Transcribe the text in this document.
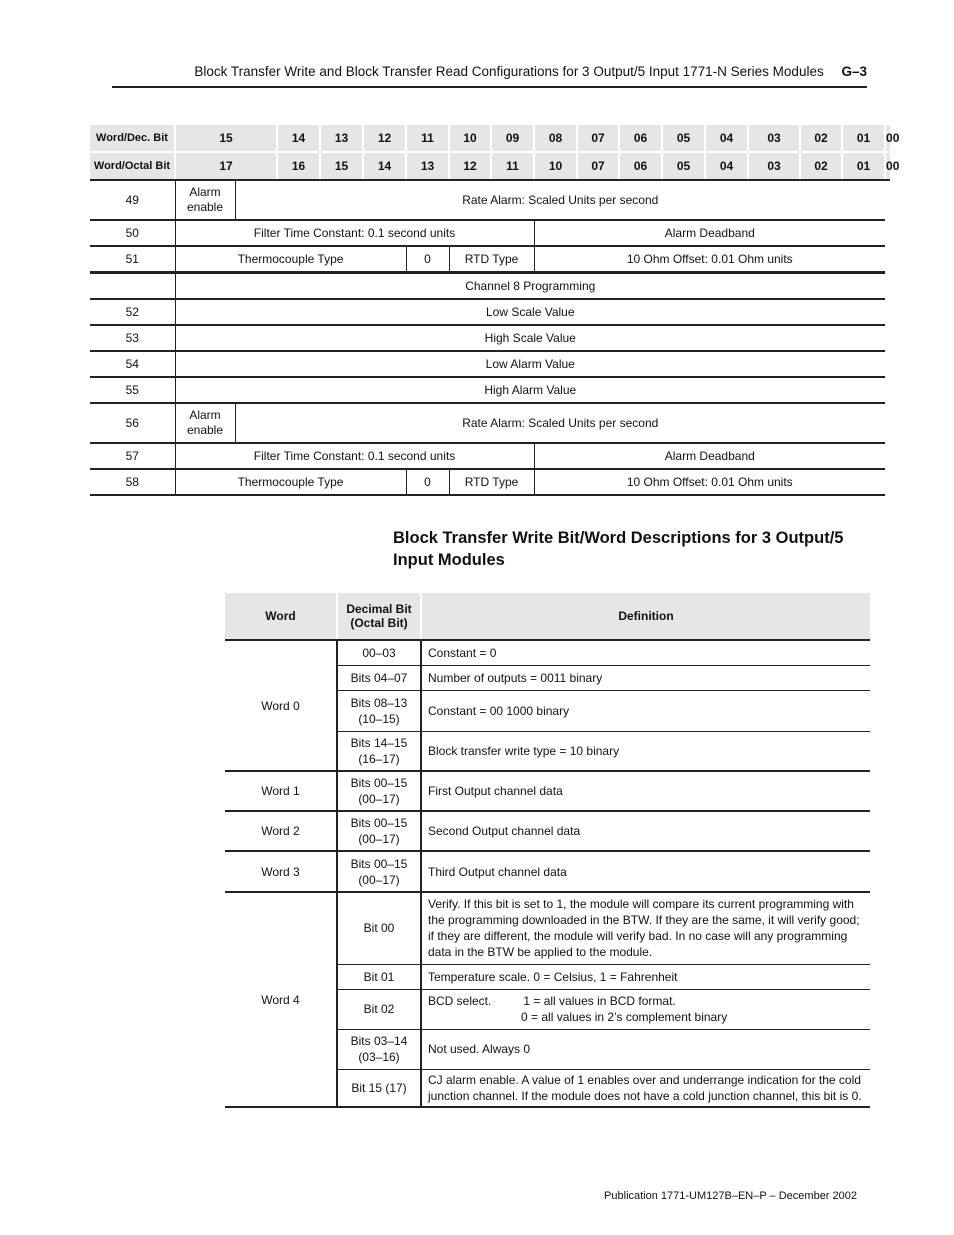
Block Transfer Write and Block Transfer Read Configurations for 3 Output/5 Input 1771-N Series Modules G–3
Word/Dec. Bit	15		14	13	12	11	10	09	08	07	06	05	04	03	02	01	00
Word/Octal Bit	17		16	15	14	13	12	11	10	07	06	05	04	03	02	01	00
49	Alarm enable	Rate Alarm: Scaled Units per second															
50	Filter Time Constant: 0.1 second units								Alarm Deadband								
51	Thermocouple Type					0	RTD Type		10 Ohm Offset: 0.01 Ohm units								
	Channel 8 Programming																
52	Low Scale Value																
53	High Scale Value																
54	Low Alarm Value																
55	High Alarm Value																
56	Alarm enable	Rate Alarm: Scaled Units per second															
57	Filter Time Constant: 0.1 second units								Alarm Deadband								
58	Thermocouple Type					0	RTD Type		10 Ohm Offset: 0.01 Ohm units								
Block Transfer Write Bit/Word Descriptions for 3 Output/5 Input Modules
Word	Decimal Bit (Octal Bit)	Definition
Word 0	00–03	Constant = 0
	Bits 04–07	Number of outputs = 0011 binary
	Bits 08–13 (10–15)	Constant = 00 1000 binary
	Bits 14–15 (16–17)	Block transfer write type = 10 binary
Word 1	Bits 00–15 (00–17)	First Output channel data
Word 2	Bits 00–15 (00–17)	Second Output channel data
Word 3	Bits 00–15 (00–17)	Third Output channel data
Word 4	Bit 00	Verify. If this bit is set to 1, the module will compare its current programming with the programming downloaded in the BTW. If they are the same, it will verify good; if they are different, the module will verify bad. In no case will any programming data in the BTW be applied to the module.
	Bit 01	Temperature scale. 0 = Celsius, 1 = Fahrenheit
	Bit 02	BCD select. 1 = all values in BCD format.
0 = all values in 2’s complement binary

	Bits 03–14 (03–16)	Not used. Always 0
	Bit 15 (17)	CJ alarm enable. A value of 1 enables over and underrange indication for the cold junction channel. If the module does not have a cold junction channel, this bit is 0.
Publication 1771-UM127B–EN–P – December 2002
